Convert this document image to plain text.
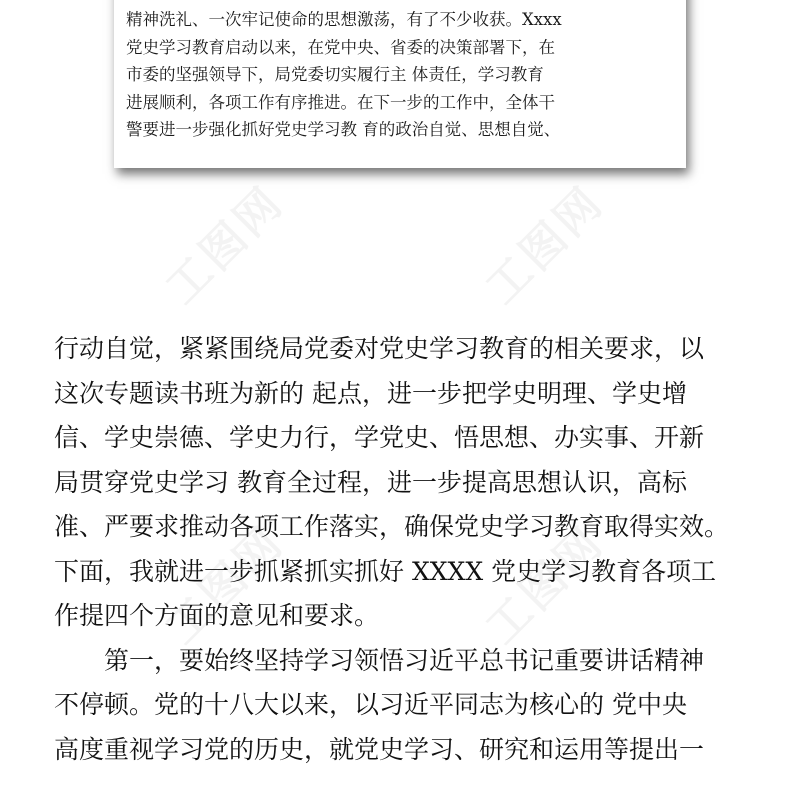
精神洗礼、一次牢记使命的思想激荡，有了不少收获。Xxxx
党史学习教育启动以来，在党中央、省委的决策部署下，在
市委的坚强领导下，局党委切实履行主 体责任，学习教育
进展顺利，各项工作有序推进。在下一步的工作中，全体干
警要进一步强化抓好党史学习教 育的政治自觉、思想自觉、
行动自觉，紧紧围绕局党委对党史学习教育的相关要求，以
这次专题读书班为新的 起点，进一步把学史明理、学史增
信、学史崇德、学史力行，学党史、悟思想、办实事、开新
局贯穿党史学习 教育全过程，进一步提高思想认识，高标
准、严要求推动各项工作落实，确保党史学习教育取得实效。
下面，我就进一步抓紧抓实抓好 XXXX 党史学习教育各项工
作提四个方面的意见和要求。
第一，要始终坚持学习领悟习近平总书记重要讲话精神
不停顿。党的十八大以来，以习近平同志为核心的 党中央
高度重视学习党的历史，就党史学习、研究和运用等提出一
